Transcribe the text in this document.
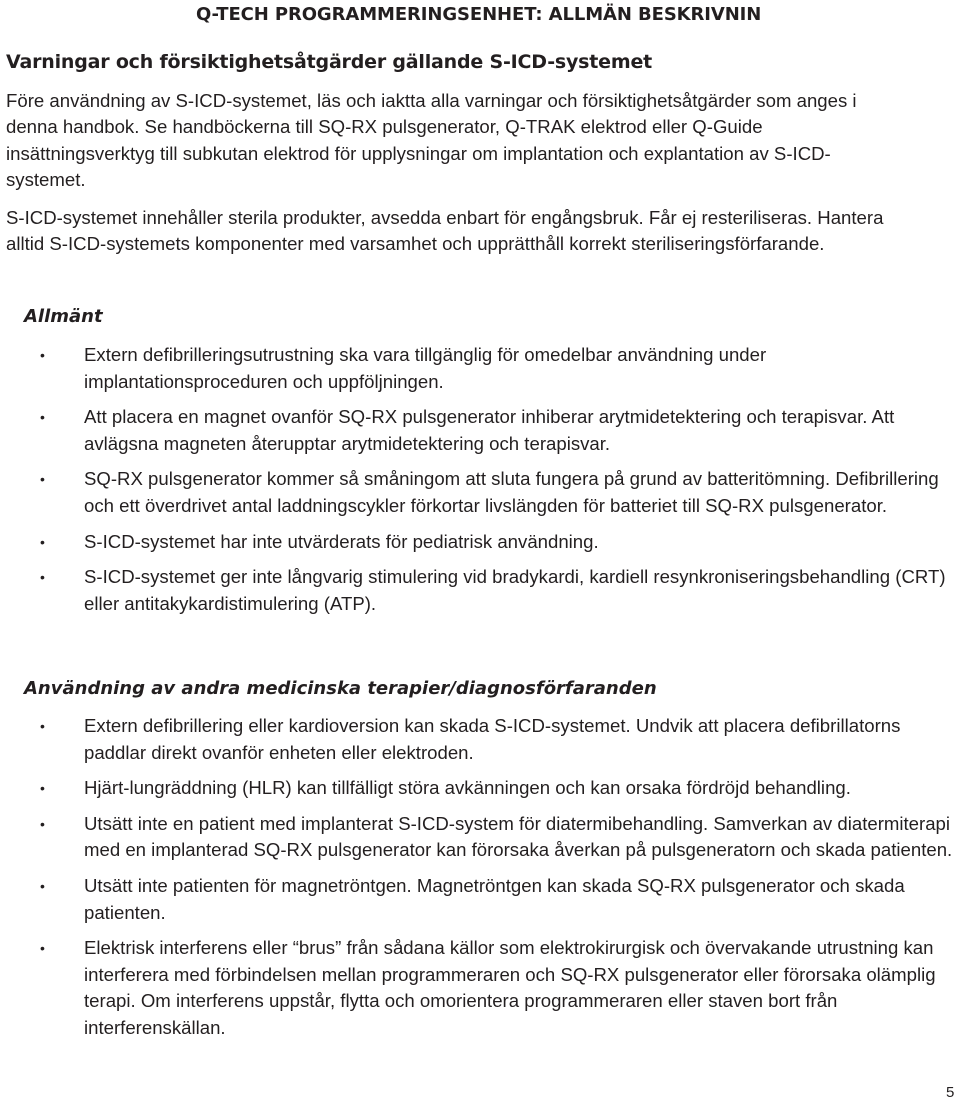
Q-TECH PROGRAMMERINGSENHET: ALLMÄN BESKRIVNIN
Varningar och försiktighetsåtgärder gällande S-ICD-systemet

Före användning av S-ICD-systemet, läs och iaktta alla varningar och försiktighetsåtgärder som anges i denna handbok. Se handböckerna till SQ-RX pulsgenerator, Q-TRAK elektrod eller Q-Guide insättningsverktyg till subkutan elektrod för upplysningar om implantation och explantation av S-ICD-systemet.

S-ICD-systemet innehåller sterila produkter, avsedda enbart för engångsbruk. Får ej resteriliseras. Hantera alltid S-ICD-systemets komponenter med varsamhet och upprätthåll korrekt steriliseringsförfarande.

Allmänt
• Extern defibrilleringsutrustning ska vara tillgänglig för omedelbar användning under implantationsproceduren och uppföljningen.
• Att placera en magnet ovanför SQ-RX pulsgenerator inhiberar arytmidetektering och terapisvar. Att avlägsna magneten återupptar arytmidetektering och terapisvar.
• SQ-RX pulsgenerator kommer så småningom att sluta fungera på grund av batteritömning. Defibrillering och ett överdrivet antal laddningscykler förkortar livslängden för batteriet till SQ-RX pulsgenerator.
• S-ICD-systemet har inte utvärderats för pediatrisk användning.
• S-ICD-systemet ger inte långvarig stimulering vid bradykardi, kardiell resynkroniseringsbehandling (CRT) eller antitakykardistimulering (ATP).
Användning av andra medicinska terapier/diagnosförfaranden
• Extern defibrillering eller kardioversion kan skada S-ICD-systemet. Undvik att placera defibrillatorns paddlar direkt ovanför enheten eller elektroden.
• Hjärt-lungräddning (HLR) kan tillfälligt störa avkänningen och kan orsaka fördröjd behandling.
• Utsätt inte en patient med implanterat S-ICD-system för diatermibehandling. Samverkan av diatermiterapi med en implanterad SQ-RX pulsgenerator kan förorsaka åverkan på pulsgeneratorn och skada patienten.
• Utsätt inte patienten för magnetröntgen. Magnetröntgen kan skada SQ-RX pulsgenerator och skada patienten.
• Elektrisk interferens eller “brus” från sådana källor som elektrokirurgisk och övervakande utrustning kan interferera med förbindelsen mellan programmeraren och SQ-RX pulsgenerator eller förorsaka olämplig terapi. Om interferens uppstår, flytta och omorientera programmeraren eller staven bort från interferenskällan.
5
